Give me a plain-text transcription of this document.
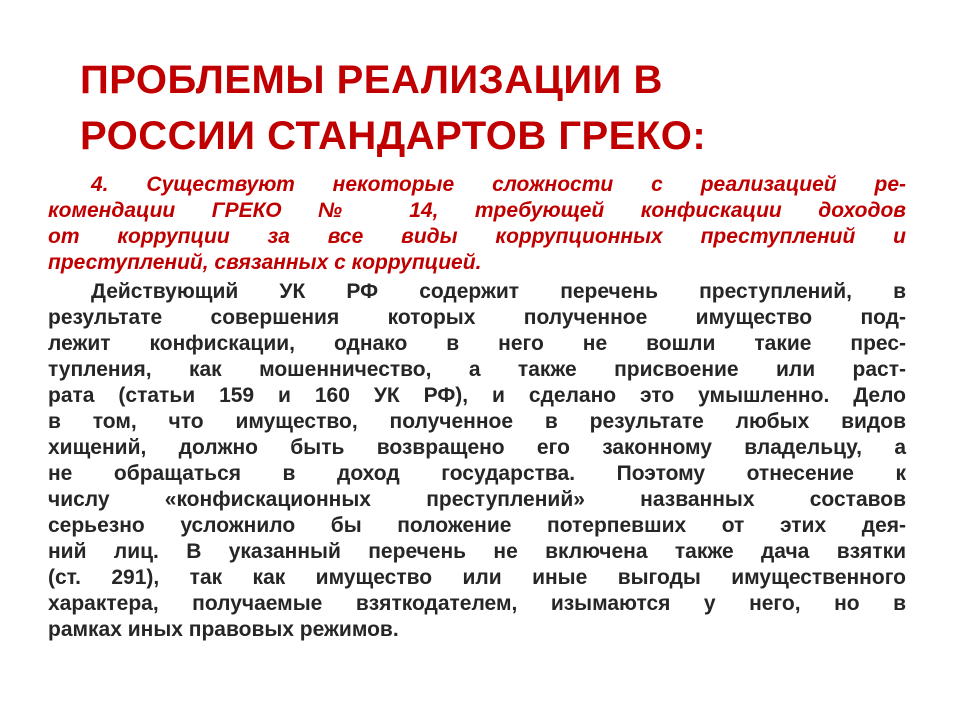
ПРОБЛЕМЫ РЕАЛИЗАЦИИ В
РОССИИ СТАНДАРТОВ ГРЕКО:
4. Существуют некоторые сложности с реализацией ре-
комендации ГРЕКО № 14, требующей конфискации доходов
от коррупции за все виды коррупционных преступлений и
преступлений, связанных с коррупцией.
Действующий УК РФ содержит перечень преступлений, в
результате совершения которых полученное имущество под-
лежит конфискации, однако в него не вошли такие прес-
тупления, как мошенничество, а также присвоение или раст-
рата (статьи 159 и 160 УК РФ), и сделано это умышленно. Дело
в том, что имущество, полученное в результате любых видов
хищений, должно быть возвращено его законному владельцу, а
не обращаться в доход государства. Поэтому отнесение к
числу «конфискационных преступлений» названных составов
серьезно усложнило бы положение потерпевших от этих дея-
ний лиц. В указанный перечень не включена также дача взятки
(ст. 291), так как имущество или иные выгоды имущественного
характера, получаемые взяткодателем, изымаются у него, но в
рамках иных правовых режимов.
